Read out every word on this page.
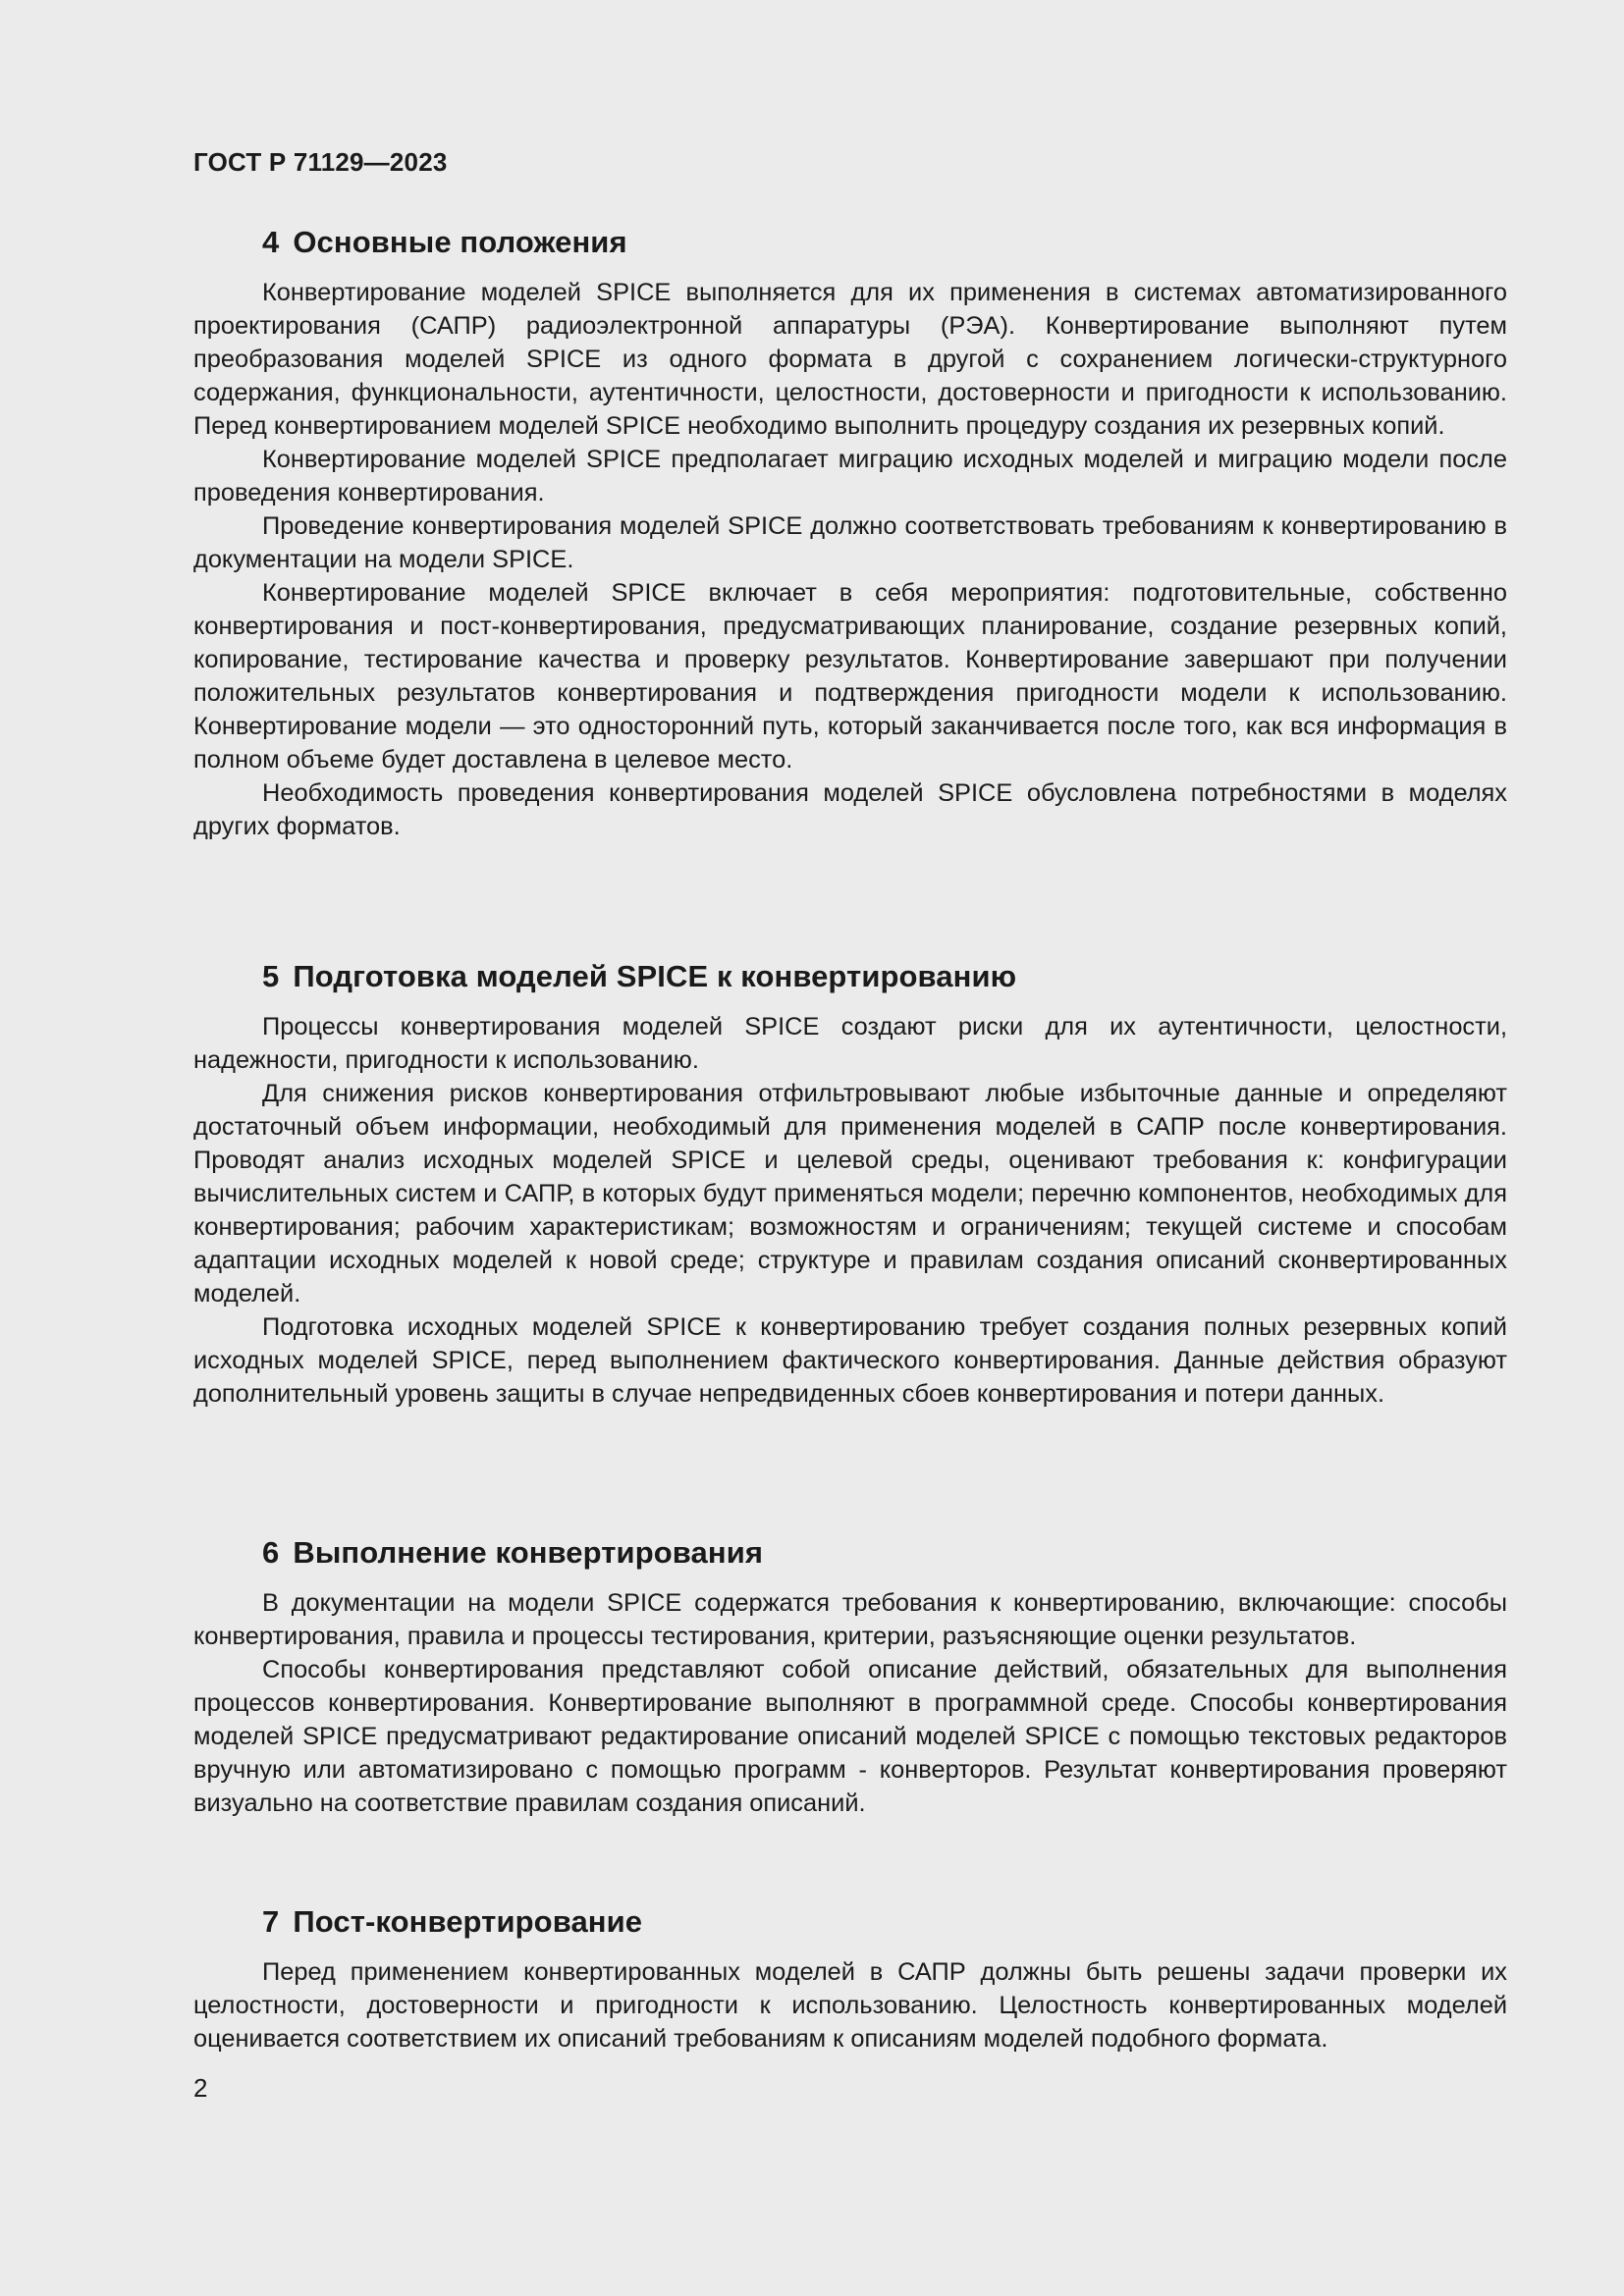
ГОСТ Р 71129—2023
4 Основные положения

Конвертирование моделей SPICE выполняется для их применения в системах автоматизированного проектирования (САПР) радиоэлектронной аппаратуры (РЭА). Конвертирование выполняют путем преобразования моделей SPICE из одного формата в другой с сохранением логически-структурного содержания, функциональности, аутентичности, целостности, достоверности и пригодности к использованию. Перед конвертированием моделей SPICE необходимо выполнить процедуру создания их резервных копий.

Конвертирование моделей SPICE предполагает миграцию исходных моделей и миграцию модели после проведения конвертирования.

Проведение конвертирования моделей SPICE должно соответствовать требованиям к конвертированию в документации на модели SPICE.

Конвертирование моделей SPICE включает в себя мероприятия: подготовительные, собственно конвертирования и пост-конвертирования, предусматривающих планирование, создание резервных копий, копирование, тестирование качества и проверку результатов. Конвертирование завершают при получении положительных результатов конвертирования и подтверждения пригодности модели к использованию. Конвертирование модели — это односторонний путь, который заканчивается после того, как вся информация в полном объеме будет доставлена в целевое место.

Необходимость проведения конвертирования моделей SPICE обусловлена потребностями в моделях других форматов.

5 Подготовка моделей SPICE к конвертированию

Процессы конвертирования моделей SPICE создают риски для их аутентичности, целостности, надежности, пригодности к использованию.

Для снижения рисков конвертирования отфильтровывают любые избыточные данные и определяют достаточный объем информации, необходимый для применения моделей в САПР после конвертирования. Проводят анализ исходных моделей SPICE и целевой среды, оценивают требования к: конфигурации вычислительных систем и САПР, в которых будут применяться модели; перечню компонентов, необходимых для конвертирования; рабочим характеристикам; возможностям и ограничениям; текущей системе и способам адаптации исходных моделей к новой среде; структуре и правилам создания описаний сконвертированных моделей.

Подготовка исходных моделей SPICE к конвертированию требует создания полных резервных копий исходных моделей SPICE, перед выполнением фактического конвертирования. Данные действия образуют дополнительный уровень защиты в случае непредвиденных сбоев конвертирования и потери данных.

6 Выполнение конвертирования

В документации на модели SPICE содержатся требования к конвертированию, включающие: способы конвертирования, правила и процессы тестирования, критерии, разъясняющие оценки результатов.

Способы конвертирования представляют собой описание действий, обязательных для выполнения процессов конвертирования. Конвертирование выполняют в программной среде. Способы конвертирования моделей SPICE предусматривают редактирование описаний моделей SPICE с помощью текстовых редакторов вручную или автоматизировано с помощью программ - конверторов. Результат конвертирования проверяют визуально на соответствие правилам создания описаний.

7 Пост-конвертирование

Перед применением конвертированных моделей в САПР должны быть решены задачи проверки их целостности, достоверности и пригодности к использованию. Целостность конвертированных моделей оценивается соответствием их описаний требованиям к описаниям моделей подобного формата.

2
